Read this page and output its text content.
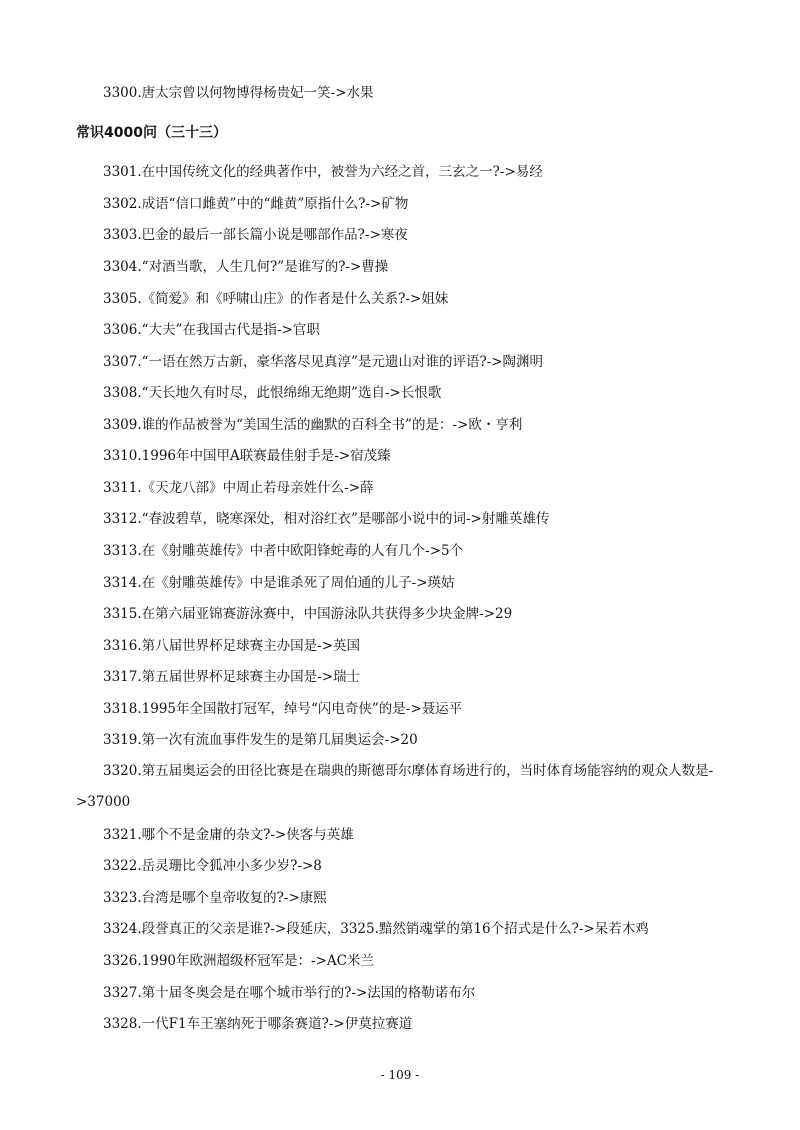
3300.唐太宗曾以何物博得杨贵妃一笑->水果
常识4000问（三十三）
3301.在中国传统文化的经典著作中，被誉为六经之首，三玄之一?->易经
3302.成语“信口雌黄”中的“雌黄”原指什么?->矿物
3303.巴金的最后一部长篇小说是哪部作品?->寒夜
3304.“对酒当歌，人生几何?”是谁写的?->曹操
3305.《简爱》和《呼啸山庄》的作者是什么关系?->姐妹
3306.“大夫”在我国古代是指->官职
3307.“一语在然万古新，豪华落尽见真淳”是元遗山对谁的评语?->陶渊明
3308.“天长地久有时尽，此恨绵绵无绝期”选自->长恨歌
3309.谁的作品被誉为“美国生活的幽默的百科全书”的是：->欧・亨利
3310.1996年中国甲A联赛最佳射手是->宿茂臻
3311.《天龙八部》中周止若母亲姓什么->薛
3312.“春波碧草，晓寒深处，相对浴红衣”是哪部小说中的词->射雕英雄传
3313.在《射雕英雄传》中者中欧阳锋蛇毒的人有几个->5个
3314.在《射雕英雄传》中是谁杀死了周伯通的儿子->瑛姑
3315.在第六届亚锦赛游泳赛中，中国游泳队共获得多少块金牌->29
3316.第八届世界杯足球赛主办国是->英国
3317.第五届世界杯足球赛主办国是->瑞士
3318.1995年全国散打冠军，绰号“闪电奇侠”的是->聂运平
3319.第一次有流血事件发生的是第几届奥运会->20
3320.第五届奥运会的田径比赛是在瑞典的斯德哥尔摩体育场进行的，当时体育场能容纳的观众人数是->37000
3321.哪个不是金庸的杂文?->侠客与英雄
3322.岳灵珊比令狐冲小多少岁?->8
3323.台湾是哪个皇帝收复的?->康熙
3324.段誉真正的父亲是谁?->段延庆，3325.黯然销魂掌的第16个招式是什么?->呆若木鸡
3326.1990年欧洲超级杯冠军是：->AC米兰
3327.第十届冬奥会是在哪个城市举行的?->法国的格勒诺布尔
3328.一代F1车王塞纳死于哪条赛道?->伊莫拉赛道
- 109 -
